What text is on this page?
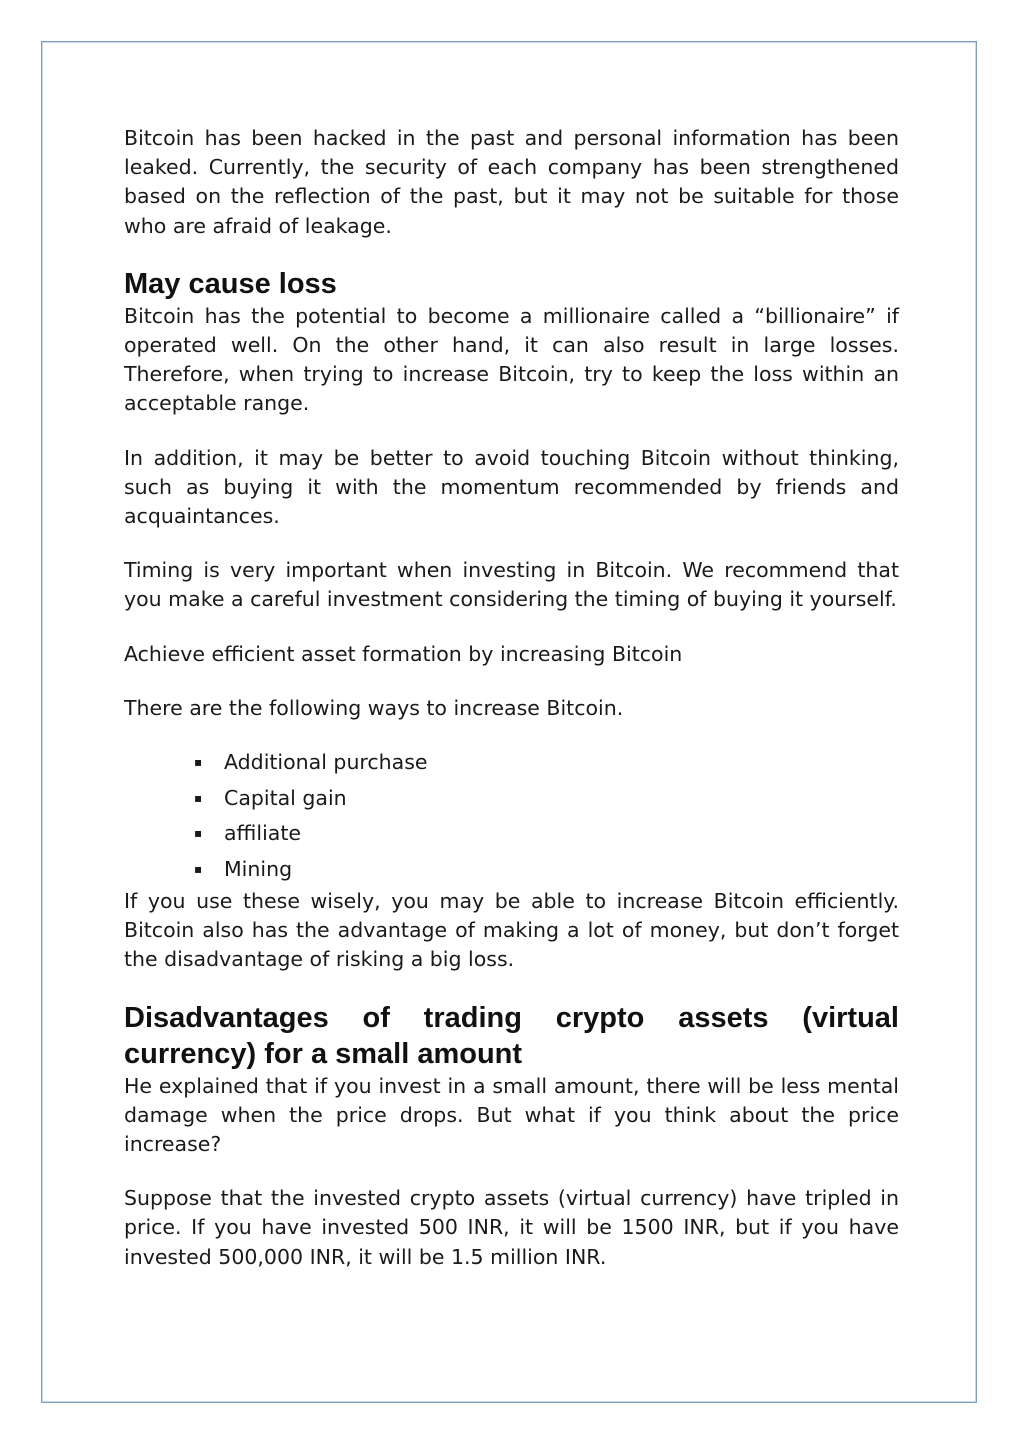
Bitcoin has been hacked in the past and personal information has been leaked. Currently, the security of each company has been strengthened based on the reflection of the past, but it may not be suitable for those who are afraid of leakage.

May cause loss

Bitcoin has the potential to become a millionaire called a “billionaire” if operated well. On the other hand, it can also result in large losses. Therefore, when trying to increase Bitcoin, try to keep the loss within an acceptable range.

In addition, it may be better to avoid touching Bitcoin without thinking, such as buying it with the momentum recommended by friends and acquaintances.

Timing is very important when investing in Bitcoin. We recommend that you make a careful investment considering the timing of buying it yourself.

Achieve efficient asset formation by increasing Bitcoin

There are the following ways to increase Bitcoin.

▪ Additional purchase
▪ Capital gain
▪ affiliate
▪ Mining

If you use these wisely, you may be able to increase Bitcoin efficiently. Bitcoin also has the advantage of making a lot of money, but don’t forget the disadvantage of risking a big loss.

Disadvantages of trading crypto assets (virtual currency) for a small amount

He explained that if you invest in a small amount, there will be less mental damage when the price drops. But what if you think about the price increase?

Suppose that the invested crypto assets (virtual currency) have tripled in price. If you have invested 500 INR, it will be 1500 INR, but if you have invested 500,000 INR, it will be 1.5 million INR.
